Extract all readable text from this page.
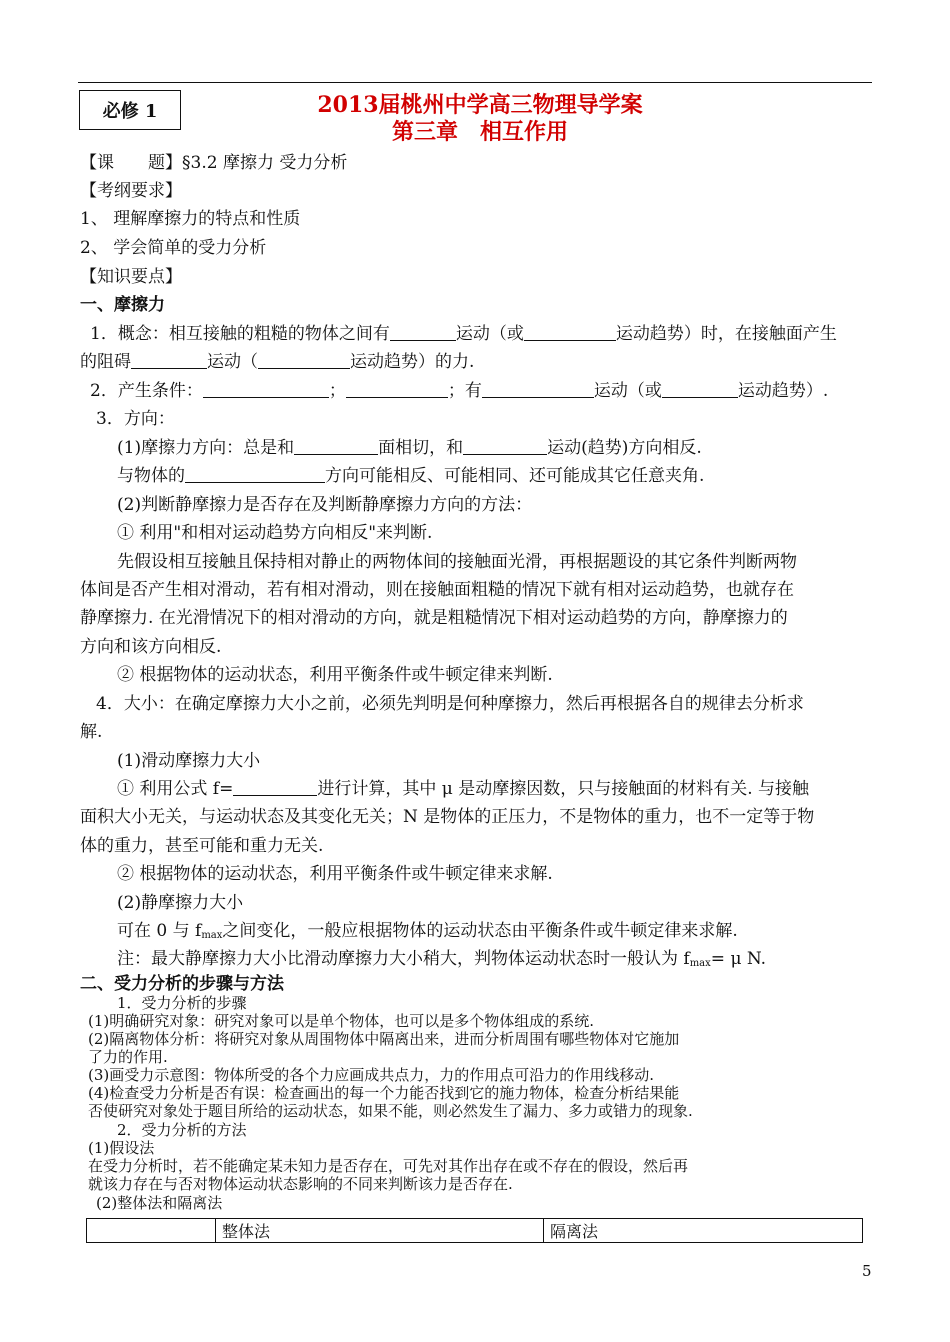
必修 1	2013届桃州中学高三物理导学案
第三章　相互作用
【课　　题】§3.2 摩擦力 受力分析
【考纲要求】
1、 理解摩擦力的特点和性质
2、 学会简单的受力分析
【知识要点】
一、摩擦力
1．概念：相互接触的粗糙的物体之间有	运动（或	运动趋势）时，在接触面产生
的阻碍	运动（	运动趋势）的力.
2．产生条件：	；	；有	运动（或	运动趋势）.
3．方向：
(1)摩擦力方向：总是和	面相切，和	运动(趋势)方向相反.
与物体的	方向可能相反、可能相同、还可能成其它任意夹角.
(2)判断静摩擦力是否存在及判断静摩擦力方向的方法：
① 利用"和相对运动趋势方向相反"来判断.
先假设相互接触且保持相对静止的两物体间的接触面光滑，再根据题设的其它条件判断两物
体间是否产生相对滑动，若有相对滑动，则在接触面粗糙的情况下就有相对运动趋势，也就存在
静摩擦力. 在光滑情况下的相对滑动的方向，就是粗糙情况下相对运动趋势的方向，静摩擦力的
方向和该方向相反.
② 根据物体的运动状态，利用平衡条件或牛顿定律来判断.
4．大小：在确定摩擦力大小之前，必须先判明是何种摩擦力，然后再根据各自的规律去分析求
解.
(1)滑动摩擦力大小
① 利用公式 f=	进行计算，其中 μ 是动摩擦因数，只与接触面的材料有关. 与接触
面积大小无关，与运动状态及其变化无关；N 是物体的正压力，不是物体的重力，也不一定等于物
体的重力，甚至可能和重力无关.
② 根据物体的运动状态，利用平衡条件或牛顿定律来求解.
(2)静摩擦力大小
可在 0 与 $f_{max}$之间变化，一般应根据物体的运动状态由平衡条件或牛顿定律来求解.
注：最大静摩擦力大小比滑动摩擦力大小稍大，判物体运动状态时一般认为 $f_{max}= \mu$ N.
二、受力分析的步骤与方法
1．受力分析的步骤
(1)明确研究对象：研究对象可以是单个物体，也可以是多个物体组成的系统.
(2)隔离物体分析：将研究对象从周围物体中隔离出来，进而分析周围有哪些物体对它施加
了力的作用.
(3)画受力示意图：物体所受的各个力应画成共点力，力的作用点可沿力的作用线移动.
(4)检查受力分析是否有误：检查画出的每一个力能否找到它的施力物体，检查分析结果能
否使研究对象处于题目所给的运动状态，如果不能，则必然发生了漏力、多力或错力的现象.
2．受力分析的方法
(1)假设法
在受力分析时，若不能确定某未知力是否存在，可先对其作出存在或不存在的假设，然后再
就该力存在与否对物体运动状态影响的不同来判断该力是否存在.
(2)整体法和隔离法
	整体法	隔离法
5
